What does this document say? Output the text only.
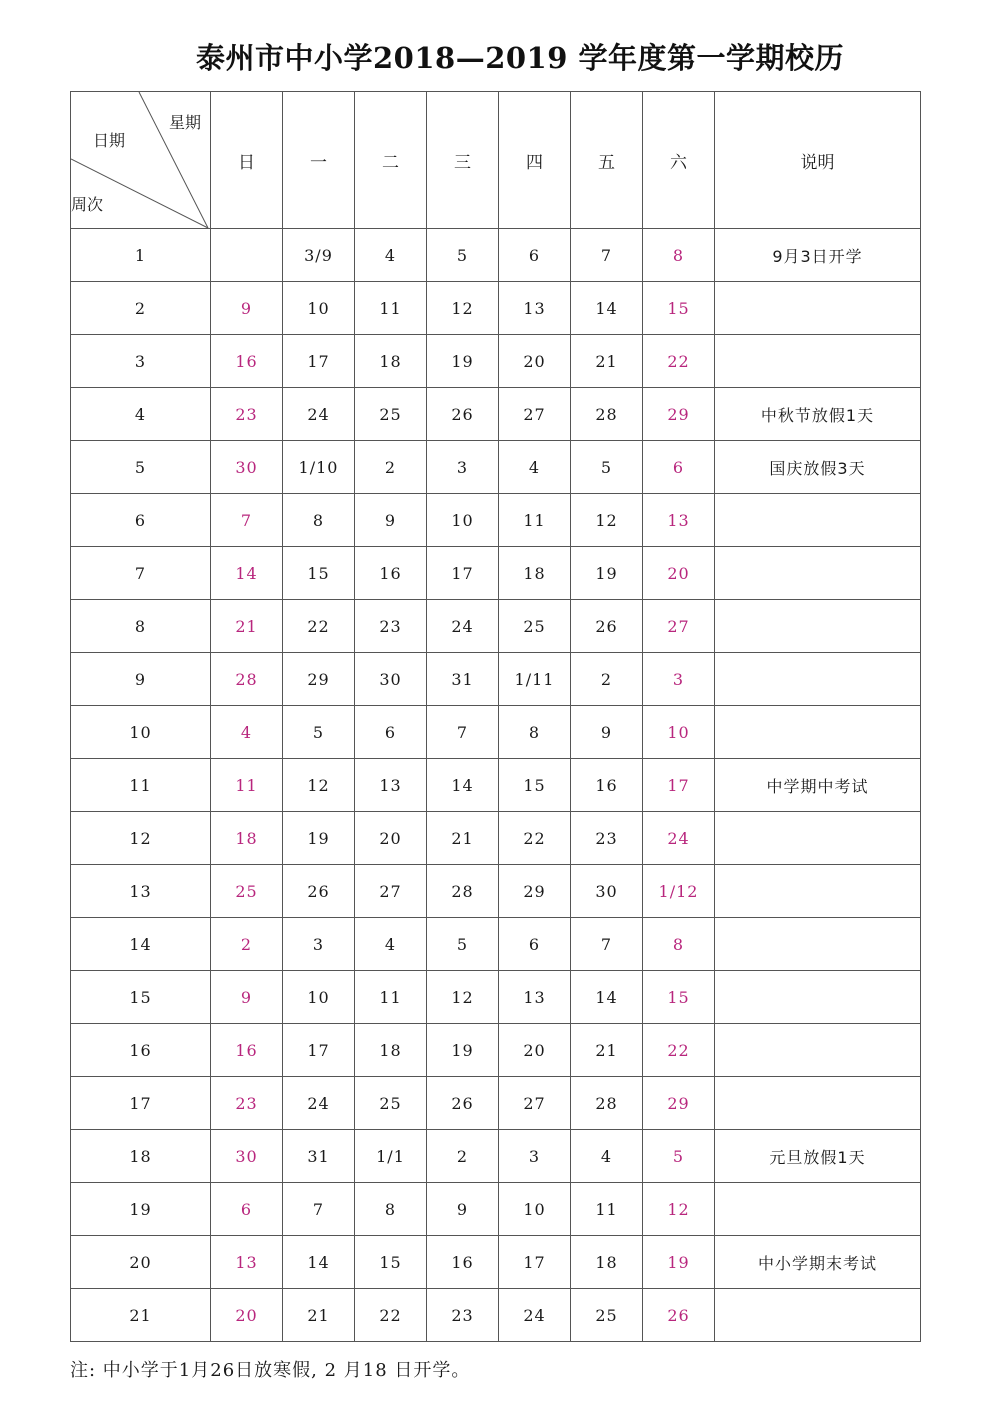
泰州市中小学2018—2019 学年度第一学期校历
星期
日期
周次	日	一	二	三	四	五	六	说明
1		3/9	4	5	6	7	8	9月3日开学
2	9	10	11	12	13	14	15	
3	16	17	18	19	20	21	22	
4	23	24	25	26	27	28	29	中秋节放假1天
5	30	1/10	2	3	4	5	6	国庆放假3天
6	7	8	9	10	11	12	13	
7	14	15	16	17	18	19	20	
8	21	22	23	24	25	26	27	
9	28	29	30	31	1/11	2	3	
10	4	5	6	7	8	9	10	
11	11	12	13	14	15	16	17	中学期中考试
12	18	19	20	21	22	23	24	
13	25	26	27	28	29	30	1/12	
14	2	3	4	5	6	7	8	
15	9	10	11	12	13	14	15	
16	16	17	18	19	20	21	22	
17	23	24	25	26	27	28	29	
18	30	31	1/1	2	3	4	5	元旦放假1天
19	6	7	8	9	10	11	12	
20	13	14	15	16	17	18	19	中小学期末考试
21	20	21	22	23	24	25	26	
注: 中小学于1月26日放寒假, 2 月18 日开学。
